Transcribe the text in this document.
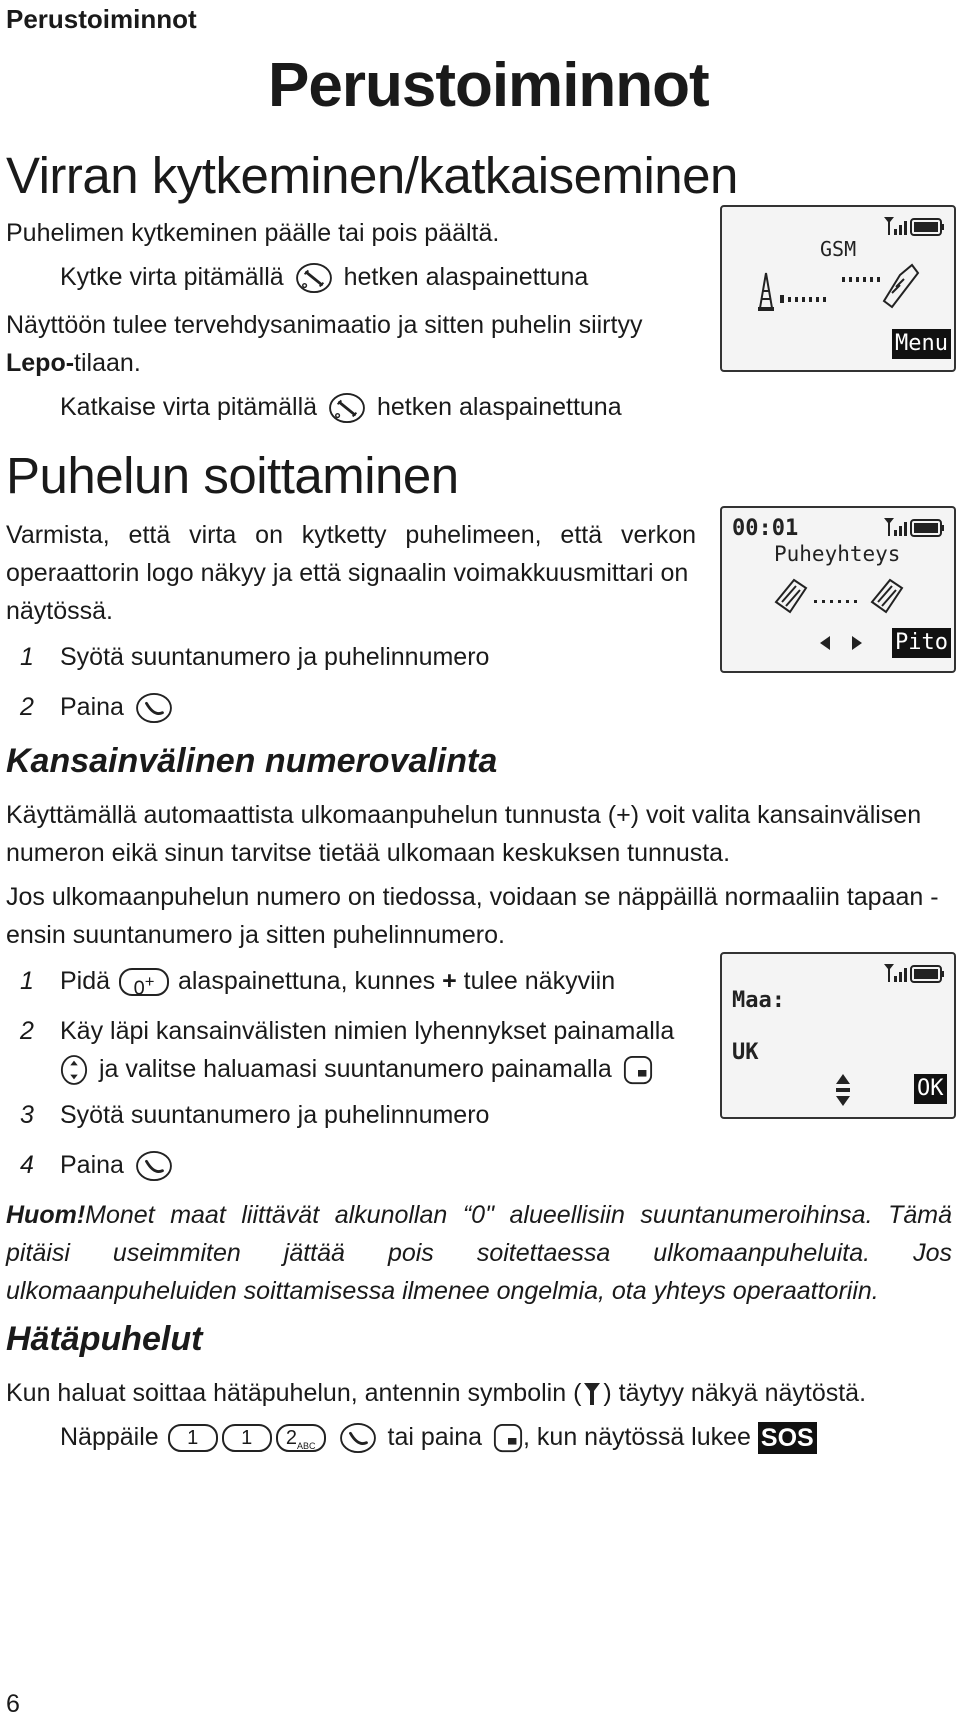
Perustoiminnot
Perustoiminnot
Virran kytkeminen/katkaiseminen
Puhelimen kytkeminen päälle tai pois päältä.
Kytke virta pitämällä hetken alaspainettuna
Näyttöön tulee tervehdysanimaatio ja sitten puhelin siirtyy
Lepo-tilaan.
Katkaise virta pitämällä hetken alaspainettuna
GSM
Menu
Puhelun soittaminen
Varmista, että virta on kytketty puhelimeen, että verkon
operaattorin logo näkyy ja että signaalin voimakkuusmittari on
näytössä.
1 Syötä suuntanumero ja puhelinnumero
2 Paina
00:01
Puheyhteys
Pito
Kansainvälinen numerovalinta
Käyttämällä automaattista ulkomaanpuhelun tunnusta (+) voit valita kansainvälisen
numeron eikä sinun tarvitse tietää ulkomaan keskuksen tunnusta.
Jos ulkomaanpuhelun numero on tiedossa, voidaan se näppäillä normaaliin tapaan -
ensin suuntanumero ja sitten puhelinnumero.
1 Pidä 0+ alaspainettuna, kunnes + tulee näkyviin
2 Käy läpi kansainvälisten nimien lyhennykset painamalla
ja valitse haluamasi suuntanumero painamalla
3 Syötä suuntanumero ja puhelinnumero
4 Paina
Maa:
UK
OK
Huom!Monet maat liittävät alkunollan “0" alueellisiin suuntanumeroihinsa. Tämä
pitäisi useimmiten jättää pois soitettaessa ulkomaanpuheluita. Jos
ulkomaanpuheluiden soittamisessa ilmenee ongelmia, ota yhteys operaattoriin.
Hätäpuhelut
Kun haluat soittaa hätäpuhelun, antennin symbolin ( ) täytyy näkyä näytöstä.
Näppäile 1 1 $2_{ABC}$	tai paina , kun näytössä lukee SOS
6
